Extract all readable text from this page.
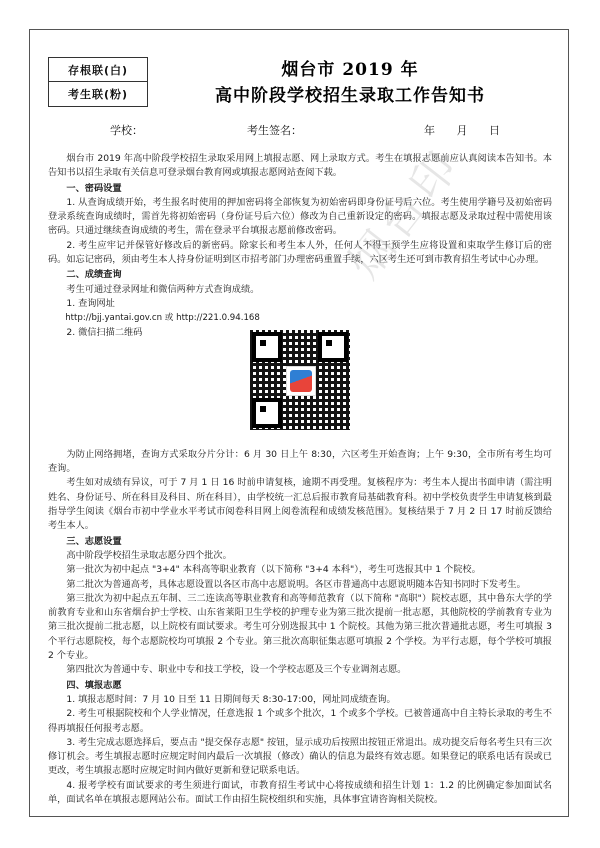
存根联(白)
考生联(粉)
烟台市 2019 年
高中阶段学校招生录取工作告知书
学校：	考生签名：	年 月 日

烟台市 2019 年高中阶段学校招生录取采用网上填报志愿、网上录取方式。考生在填报志愿前应认真阅读本告知书。本告知书以招生录取有关信息可登录烟台教育网或填报志愿网站查阅下载。

一、密码设置

1. 从查询成绩开始，考生报名时使用的押加密码将全部恢复为初始密码即身份证号后六位。考生使用学籍号及初始密码登录系统查询成绩时，需首先将初始密码（身份证号后六位）修改为自己重新设定的密码。填报志愿及录取过程中需使用该密码。只通过继续查询成绩的考生，需在登录平台填报志愿前修改密码。

2. 考生应牢记并保管好修改后的新密码。除家长和考生本人外，任何人不得干预学生应将设置和束取学生修订后的密码。如忘记密码，须由考生本人持身份证明到区市招考部门办理密码重置手续，六区考生还可到市教育招生考试中心办理。

二、成绩查询

考生可通过登录网址和微信两种方式查询成绩。

1. 查询网址

http://bjj.yantai.gov.cn 或 http://221.0.94.168

2. 微信扫描二维码

为防止网络拥堵，查询方式采取分片分计：6 月 30 日上午 8:30，六区考生开始查询；上午 9:30，全市所有考生均可查询。

考生如对成绩有异议，可于 7 月 1 日 16 时前申请复核，逾期不再受理。复核程序为：考生本人提出书面申请（需注明姓名、身份证号、所在科目及科目、所在科目），由学校统一汇总后报市教育局基础教育科。初中学校负责学生申请复核到最指导学生阅读《烟台市初中学业水平考试市阅卷科目网上阅卷流程和成绩发核范围》。复核结果于 7 月 2 日 17 时前反馈给考生本人。

三、志愿设置

高中阶段学校招生录取志愿分四个批次。

第一批次为初中起点 "3+4" 本科高等职业教育（以下简称 "3+4 本科"），考生可选报其中 1 个院校。

第二批次为普通高考，具体志愿设置以各区市高中志愿说明。各区市普通高中志愿说明随本告知书同时下发考生。

第三批次为初中起点五年制、三二连读高等职业教育和高等师范教育（以下简称 "高职"）院校志愿，其中鲁东大学的学前教育专业和山东省烟台护士学校、山东省莱阳卫生学校的护理专业为第三批次提前一批志愿，其他院校的学前教育专业为第三批次提前二批志愿，以上院校有面试要求。考生可分别选报其中 1 个院校。其他为第三批次普通批志愿，考生可填报 3 个平行志愿院校，每个志愿院校均可填报 2 个专业。第三批次高职征集志愿可填报 2 个学校。为平行志愿，每个学校可填报 2 个专业。

第四批次为普通中专、职业中专和技工学校，设一个学校志愿及三个专业调剂志愿。

四、填报志愿

1. 填报志愿时间：7 月 10 日至 11 日期间每天 8:30-17:00，网址同成绩查询。

2. 考生可根据院校和个人学业情况，任意选报 1 个或多个批次，1 个或多个学校。已被普通高中自主特长录取的考生不得再填报任何报考志愿。

3. 考生完成志愿选择后，要点击 "提交保存志愿" 按钮，显示成功后按照出按钮正常退出。成功提交后每名考生只有三次修订机会。考生填报志愿时应规定时间内最后一次填报（修改）确认的信息为最终有效志愿。如果登记的联系电话有误或已更改，考生填报志愿时应规定时间内做好更新和登记联系电话。

4. 报考学校有面试要求的考生须进行面试，市教育招生考试中心将按成绩和招生计划 1：1.2 的比例确定参加面试名单，面试名单在填报志愿网站公布。面试工作由招生院校组织和实施，具体事宜请咨询相关院校。

烟台印
